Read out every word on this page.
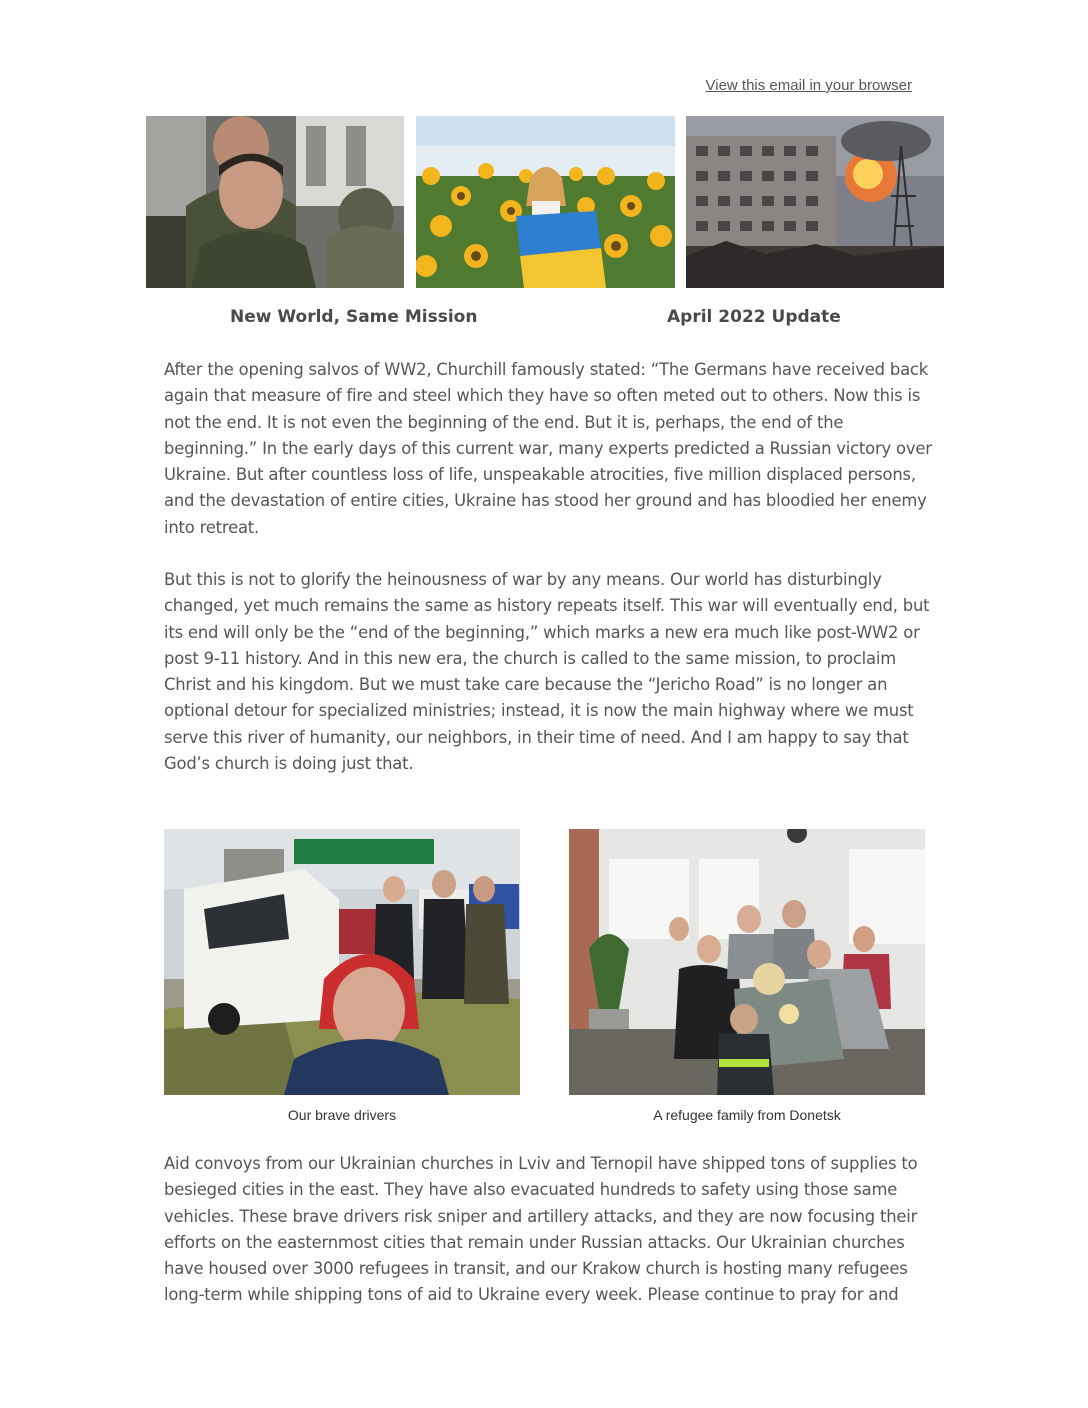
View this email in your browser
New World, Same Mission	April 2022 Update

After the opening salvos of WW2, Churchill famously stated: “The Germans have received back again that measure of fire and steel which they have so often meted out to others. Now this is not the end. It is not even the beginning of the end. But it is, perhaps, the end of the beginning.” In the early days of this current war, many experts predicted a Russian victory over Ukraine. But after countless loss of life, unspeakable atrocities, five million displaced persons, and the devastation of entire cities, Ukraine has stood her ground and has bloodied her enemy into retreat.

But this is not to glorify the heinousness of war by any means. Our world has disturbingly changed, yet much remains the same as history repeats itself. This war will eventually end, but its end will only be the “end of the beginning,” which marks a new era much like post-WW2 or post 9-11 history. And in this new era, the church is called to the same mission, to proclaim Christ and his kingdom. But we must take care because the “Jericho Road” is no longer an optional detour for specialized ministries; instead, it is now the main highway where we must serve this river of humanity, our neighbors, in their time of need. And I am happy to say that God’s church is doing just that.

Our brave drivers	A refugee family from Donetsk

Aid convoys from our Ukrainian churches in Lviv and Ternopil have shipped tons of supplies to besieged cities in the east. They have also evacuated hundreds to safety using those same vehicles. These brave drivers risk sniper and artillery attacks, and they are now focusing their efforts on the easternmost cities that remain under Russian attacks. Our Ukrainian churches have housed over 3000 refugees in transit, and our Krakow church is hosting many refugees long-term while shipping tons of aid to Ukraine every week. Please continue to pray for and
